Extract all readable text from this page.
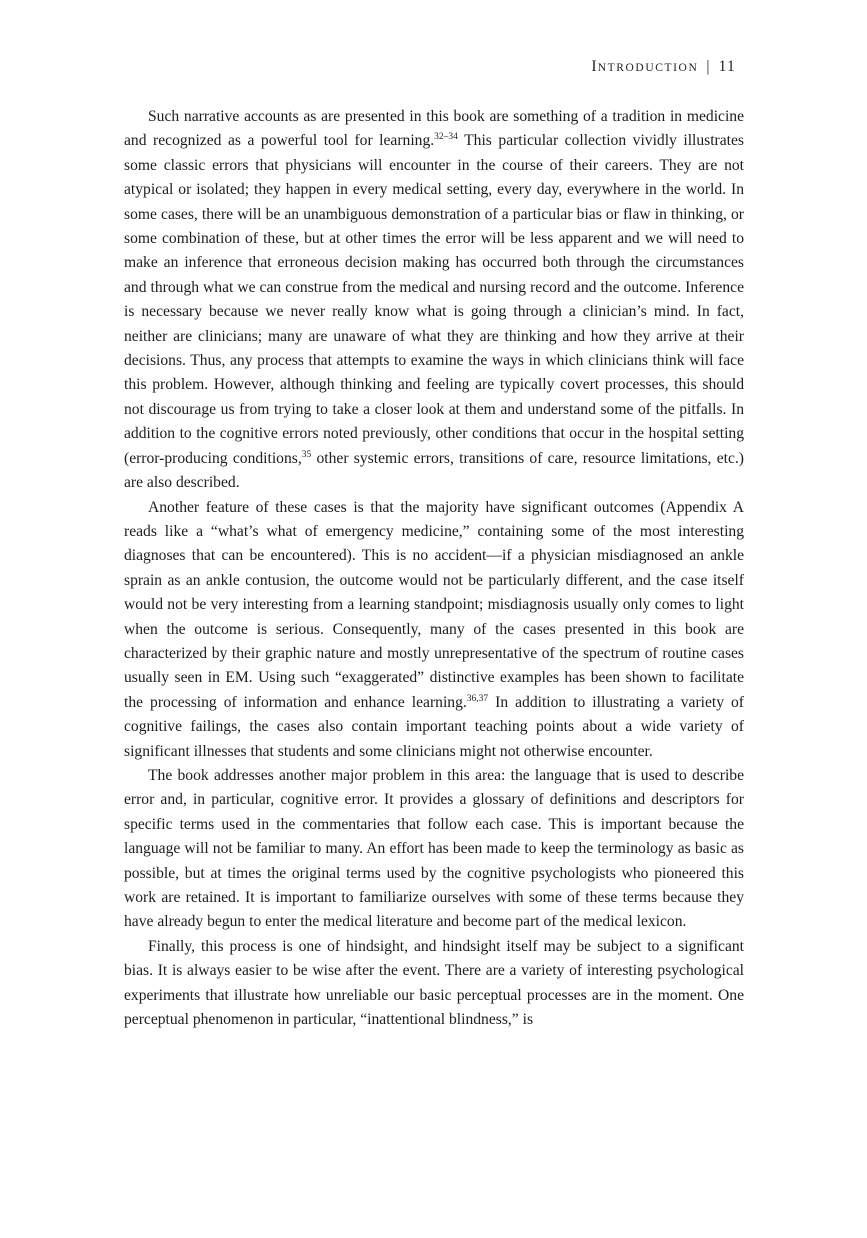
INTRODUCTION | 11

Such narrative accounts as are presented in this book are something of a tradition in medicine and recognized as a powerful tool for learning.$^{32-34}$ This particular collection vividly illustrates some classic errors that physicians will encounter in the course of their careers. They are not atypical or isolated; they happen in every medical setting, every day, everywhere in the world. In some cases, there will be an unambiguous demonstration of a particular bias or flaw in thinking, or some combination of these, but at other times the error will be less apparent and we will need to make an inference that erroneous decision making has occurred both through the circumstances and through what we can construe from the medical and nursing record and the outcome. Inference is necessary because we never really know what is going through a clinician’s mind. In fact, neither are clinicians; many are unaware of what they are thinking and how they arrive at their decisions. Thus, any process that attempts to examine the ways in which clinicians think will face this problem. However, although thinking and feeling are typically covert processes, this should not discourage us from trying to take a closer look at them and understand some of the pitfalls. In addition to the cognitive errors noted previously, other conditions that occur in the hospital setting (error-producing conditions,$^{35}$ other systemic errors, transitions of care, resource limitations, etc.) are also described.

Another feature of these cases is that the majority have significant outcomes (Appendix A reads like a “what’s what of emergency medicine,” containing some of the most interesting diagnoses that can be encountered). This is no accident—if a physician misdiagnosed an ankle sprain as an ankle contusion, the outcome would not be particularly different, and the case itself would not be very interesting from a learning standpoint; misdiagnosis usually only comes to light when the outcome is serious. Consequently, many of the cases presented in this book are characterized by their graphic nature and mostly unrepresentative of the spectrum of routine cases usually seen in EM. Using such “exaggerated” distinctive examples has been shown to facilitate the processing of information and enhance learning.$^{36,37}$ In addition to illustrating a variety of cognitive failings, the cases also contain important teaching points about a wide variety of significant illnesses that students and some clinicians might not otherwise encounter.

The book addresses another major problem in this area: the language that is used to describe error and, in particular, cognitive error. It provides a glossary of definitions and descriptors for specific terms used in the commentaries that follow each case. This is important because the language will not be familiar to many. An effort has been made to keep the terminology as basic as possible, but at times the original terms used by the cognitive psychologists who pioneered this work are retained. It is important to familiarize ourselves with some of these terms because they have already begun to enter the medical literature and become part of the medical lexicon.

Finally, this process is one of hindsight, and hindsight itself may be subject to a significant bias. It is always easier to be wise after the event. There are a variety of interesting psychological experiments that illustrate how unreliable our basic perceptual processes are in the moment. One perceptual phenomenon in particular, “inattentional blindness,” is
